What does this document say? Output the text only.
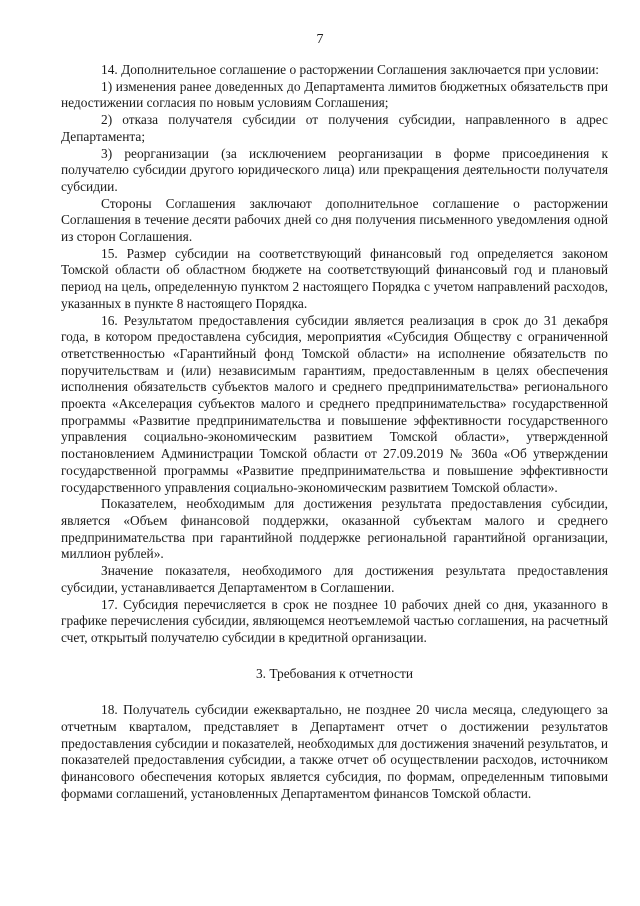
7

14. Дополнительное соглашение о расторжении Соглашения заключается при условии:

1) изменения ранее доведенных до Департамента лимитов бюджетных обязательств при недостижении согласия по новым условиям Соглашения;

2) отказа получателя субсидии от получения субсидии, направленного в адрес Департамента;

3) реорганизации (за исключением реорганизации в форме присоединения к получателю субсидии другого юридического лица) или прекращения деятельности получателя субсидии.

Стороны Соглашения заключают дополнительное соглашение о расторжении Соглашения в течение десяти рабочих дней со дня получения письменного уведомления одной из сторон Соглашения.

15. Размер субсидии на соответствующий финансовый год определяется законом Томской области об областном бюджете на соответствующий финансовый год и плановый период на цель, определенную пунктом 2 настоящего Порядка с учетом направлений расходов, указанных в пункте 8 настоящего Порядка.

16. Результатом предоставления субсидии является реализация в срок до 31 декабря года, в котором предоставлена субсидия, мероприятия «Субсидия Обществу с ограниченной ответственностью «Гарантийный фонд Томской области» на исполнение обязательств по поручительствам и (или) независимым гарантиям, предоставленным в целях обеспечения исполнения обязательств субъектов малого и среднего предпринимательства» регионального проекта «Акселерация субъектов малого и среднего предпринимательства» государственной программы «Развитие предпринимательства и повышение эффективности государственного управления социально-экономическим развитием Томской области», утвержденной постановлением Администрации Томской области от 27.09.2019 № 360а «Об утверждении государственной программы «Развитие предпринимательства и повышение эффективности государственного управления социально-экономическим развитием Томской области».

Показателем, необходимым для достижения результата предоставления субсидии, является «Объем финансовой поддержки, оказанной субъектам малого и среднего предпринимательства при гарантийной поддержке региональной гарантийной организации, миллион рублей».

Значение показателя, необходимого для достижения результата предоставления субсидии, устанавливается Департаментом в Соглашении.

17. Субсидия перечисляется в срок не позднее 10 рабочих дней со дня, указанного в графике перечисления субсидии, являющемся неотъемлемой частью соглашения, на расчетный счет, открытый получателю субсидии в кредитной организации.

3. Требования к отчетности

18. Получатель субсидии ежеквартально, не позднее 20 числа месяца, следующего за отчетным кварталом, представляет в Департамент отчет о достижении результатов предоставления субсидии и показателей, необходимых для достижения значений результатов, и показателей предоставления субсидии, а также отчет об осуществлении расходов, источником финансового обеспечения которых является субсидия, по формам, определенным типовыми формами соглашений, установленных Департаментом финансов Томской области.
